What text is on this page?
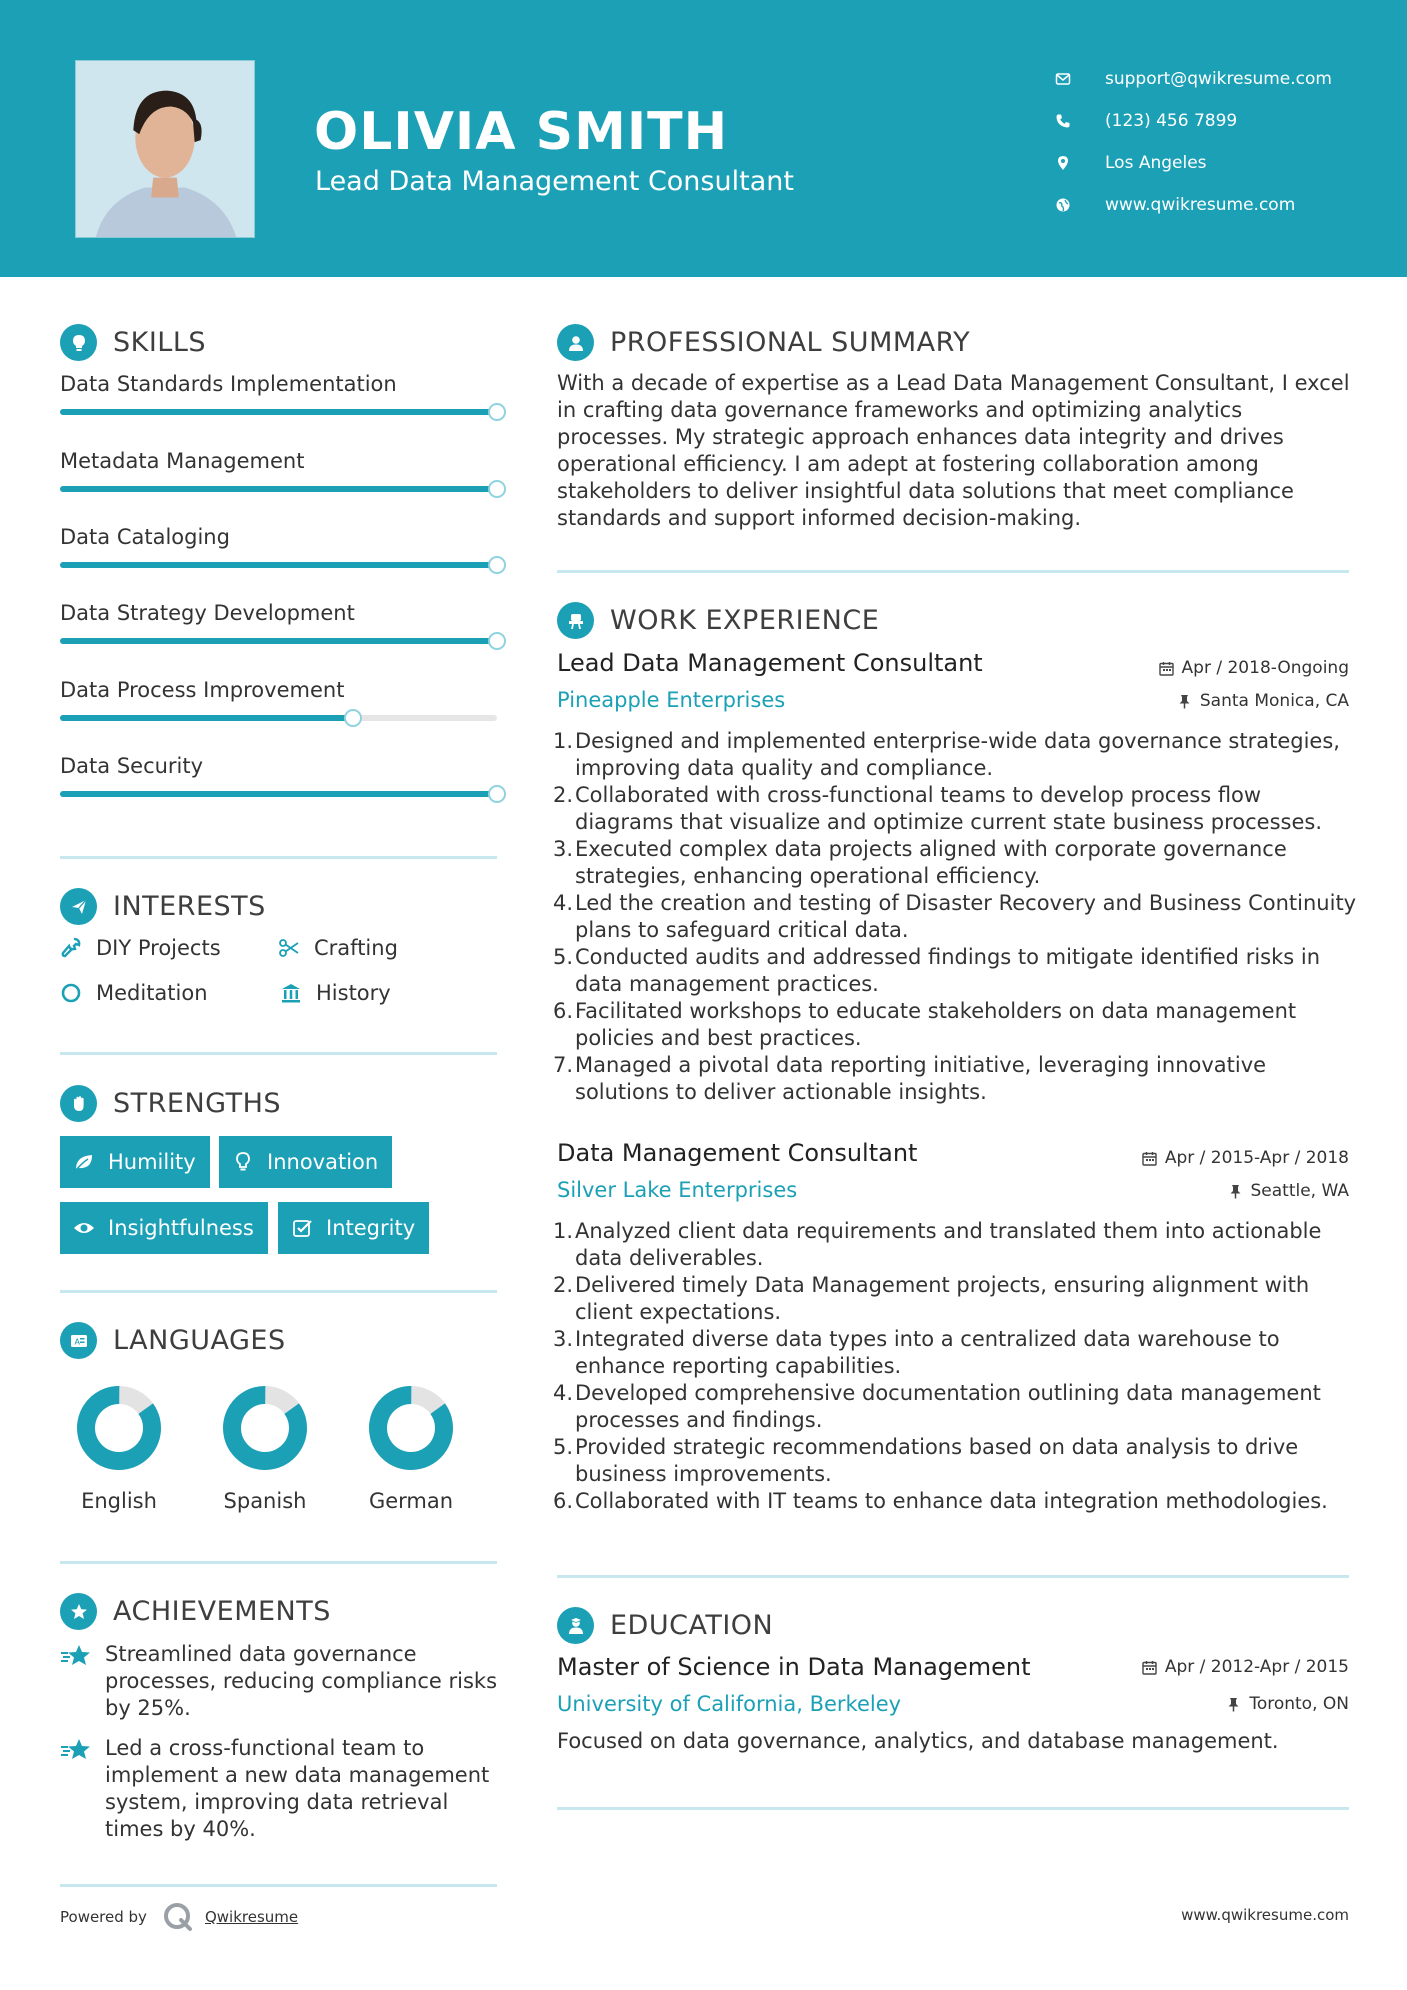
OLIVIA SMITH
Lead Data Management Consultant
support@qwikresume.com
(123) 456 7899
Los Angeles
www.qwikresume.com
SKILLS
Data Standards Implementation
Metadata Management
Data Cataloging
Data Strategy Development
Data Process Improvement
Data Security
INTERESTS
DIY Projects	Crafting
Meditation	History
STRENGTHS
Humility	Innovation
Insightfulness	Integrity
A LANGUAGES
English	Spanish	German
ACHIEVEMENTS
Streamlined data governance processes, reducing compliance risks by 25%.
Led a cross-functional team to implement a new data management system, improving data retrieval times by 40%.
PROFESSIONAL SUMMARY
With a decade of expertise as a Lead Data Management Consultant, I excel in crafting data governance frameworks and optimizing analytics processes. My strategic approach enhances data integrity and drives operational efficiency. I am adept at fostering collaboration among stakeholders to deliver insightful data solutions that meet compliance standards and support informed decision-making.
WORK EXPERIENCE
Lead Data Management Consultant
Pineapple Enterprises
Apr / 2018-Ongoing
Santa Monica, CA
1. Designed and implemented enterprise-wide data governance strategies, improving data quality and compliance.
2. Collaborated with cross-functional teams to develop process flow diagrams that visualize and optimize current state business processes.
3. Executed complex data projects aligned with corporate governance strategies, enhancing operational efficiency.
4. Led the creation and testing of Disaster Recovery and Business Continuity plans to safeguard critical data.
5. Conducted audits and addressed findings to mitigate identified risks in data management practices.
6. Facilitated workshops to educate stakeholders on data management policies and best practices.
7. Managed a pivotal data reporting initiative, leveraging innovative solutions to deliver actionable insights.
Data Management Consultant
Silver Lake Enterprises
Apr / 2015-Apr / 2018
Seattle, WA
1. Analyzed client data requirements and translated them into actionable data deliverables.
2. Delivered timely Data Management projects, ensuring alignment with client expectations.
3. Integrated diverse data types into a centralized data warehouse to enhance reporting capabilities.
4. Developed comprehensive documentation outlining data management processes and findings.
5. Provided strategic recommendations based on data analysis to drive business improvements.
6. Collaborated with IT teams to enhance data integration methodologies.
EDUCATION
Master of Science in Data Management
University of California, Berkeley
Apr / 2012-Apr / 2015
Toronto, ON
Focused on data governance, analytics, and database management.
Powered by	Qwikresume	www.qwikresume.com
